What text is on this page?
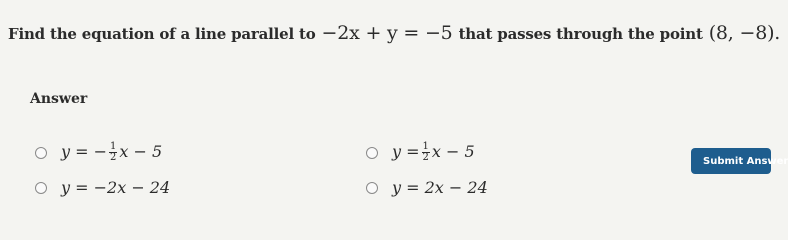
Find the equation of a line parallel to −2x + y = −5 that passes through the point (8, −8).
Answer
y = − $\frac{1}{2}$ x − 5	$y = \frac{1}{2}$ x − 5
y = −2x − 24	y = 2x − 24
Submit Answer
